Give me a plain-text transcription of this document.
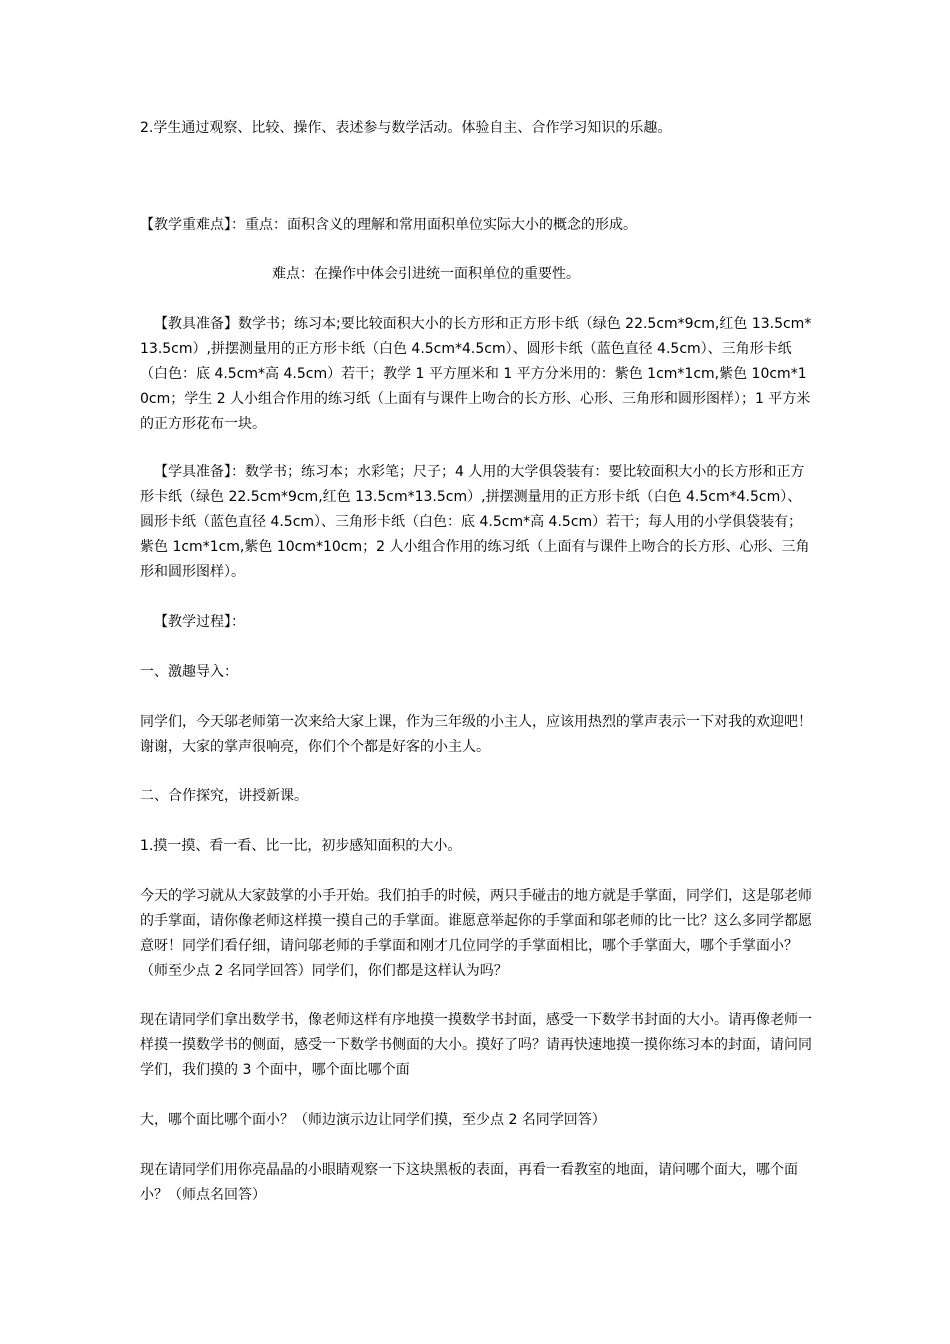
2.学生通过观察、比较、操作、表述参与数学活动。体验自主、合作学习知识的乐趣。

【教学重难点】：重点：面积含义的理解和常用面积单位实际大小的概念的形成。

难点：在操作中体会引进统一面积单位的重要性。

【教具准备】数学书；练习本;要比较面积大小的长方形和正方形卡纸（绿色 22.5cm*9cm,红色 13.5cm*13.5cm）,拼摆测量用的正方形卡纸（白色 4.5cm*4.5cm）、圆形卡纸（蓝色直径 4.5cm）、三角形卡纸（白色：底 4.5cm*高 4.5cm）若干；教学 1 平方厘米和 1 平方分米用的：紫色 1cm*1cm,紫色 10cm*10cm；学生 2 人小组合作用的练习纸（上面有与课件上吻合的长方形、心形、三角形和圆形图样）；1 平方米的正方形花布一块。

【学具准备】：数学书；练习本；水彩笔；尺子；4 人用的大学俱袋装有：要比较面积大小的长方形和正方形卡纸（绿色 22.5cm*9cm,红色 13.5cm*13.5cm）,拼摆测量用的正方形卡纸（白色 4.5cm*4.5cm）、圆形卡纸（蓝色直径 4.5cm）、三角形卡纸（白色：底 4.5cm*高 4.5cm）若干；每人用的小学俱袋装有；紫色 1cm*1cm,紫色 10cm*10cm；2 人小组合作用的练习纸（上面有与课件上吻合的长方形、心形、三角形和圆形图样）。

【教学过程】：

一、激趣导入：

同学们，今天邬老师第一次来给大家上课，作为三年级的小主人，应该用热烈的掌声表示一下对我的欢迎吧！谢谢，大家的掌声很响亮，你们个个都是好客的小主人。

二、合作探究，讲授新课。

1.摸一摸、看一看、比一比，初步感知面积的大小。

今天的学习就从大家鼓掌的小手开始。我们拍手的时候，两只手碰击的地方就是手掌面，同学们，这是邬老师的手掌面，请你像老师这样摸一摸自己的手掌面。谁愿意举起你的手掌面和邬老师的比一比？这么多同学都愿意呀！同学们看仔细，请问邬老师的手掌面和刚才几位同学的手掌面相比，哪个手掌面大，哪个手掌面小？（师至少点 2 名同学回答）同学们，你们都是这样认为吗？

现在请同学们拿出数学书，像老师这样有序地摸一摸数学书封面，感受一下数学书封面的大小。请再像老师一样摸一摸数学书的侧面，感受一下数学书侧面的大小。摸好了吗？请再快速地摸一摸你练习本的封面，请问同学们，我们摸的 3 个面中，哪个面比哪个面

大，哪个面比哪个面小？（师边演示边让同学们摸，至少点 2 名同学回答）

现在请同学们用你亮晶晶的小眼睛观察一下这块黑板的表面，再看一看教室的地面，请问哪个面大，哪个面小？（师点名回答）
